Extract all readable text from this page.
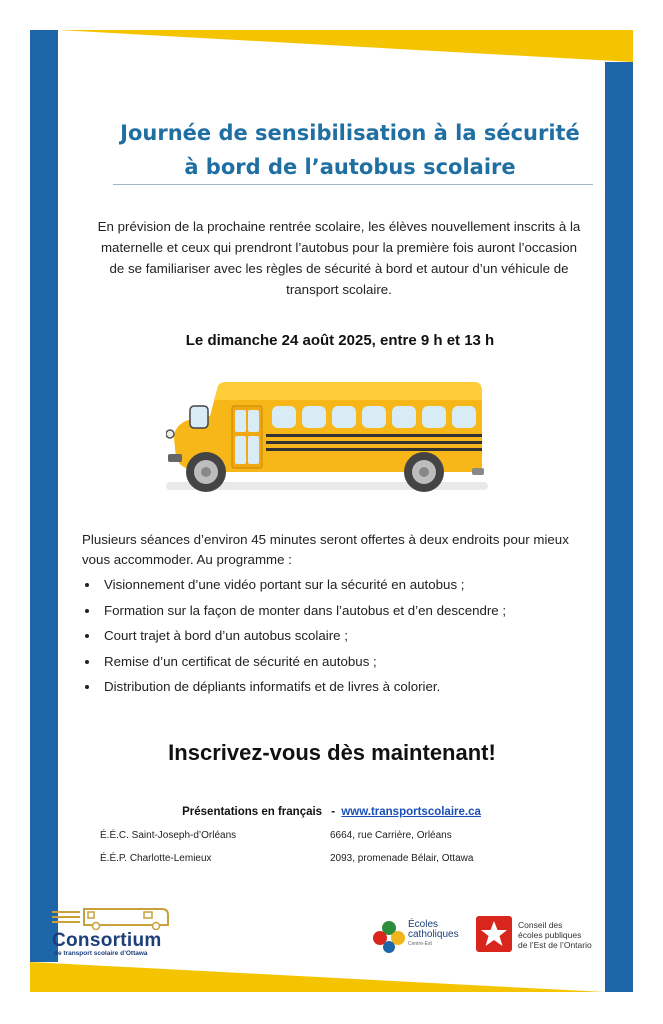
Journée de sensibilisation à la sécurité
à bord de l’autobus scolaire
En prévision de la prochaine rentrée scolaire, les élèves nouvellement inscrits à la
maternelle et ceux qui prendront l’autobus pour la première fois auront l’occasion
de se familiariser avec les règles de sécurité à bord et autour d’un véhicule de
transport scolaire.
Le dimanche 24 août 2025, entre 9 h et 13 h
Plusieurs séances d’environ 45 minutes seront offertes à deux endroits pour mieux
vous accommoder. Au programme :
Visionnement d’une vidéo portant sur la sécurité en autobus ;
Formation sur la façon de monter dans l’autobus et d’en descendre ;
Court trajet à bord d’un autobus scolaire ;
Remise d’un certificat de sécurité en autobus ;
Distribution de dépliants informatifs et de livres à colorier.
Inscrivez-vous dès maintenant!
Présentations en français - www.transportscolaire.ca
É.É.C. Saint-Joseph-d’Orléans	6664, rue Carrière, Orléans
É.É.P. Charlotte-Lemieux	2093, promenade Bélair, Ottawa
Consortium
de transport scolaire d’Ottawa
Écoles
catholiques
Centre-Est
Conseil des
écoles publiques
de l’Est de l’Ontario
